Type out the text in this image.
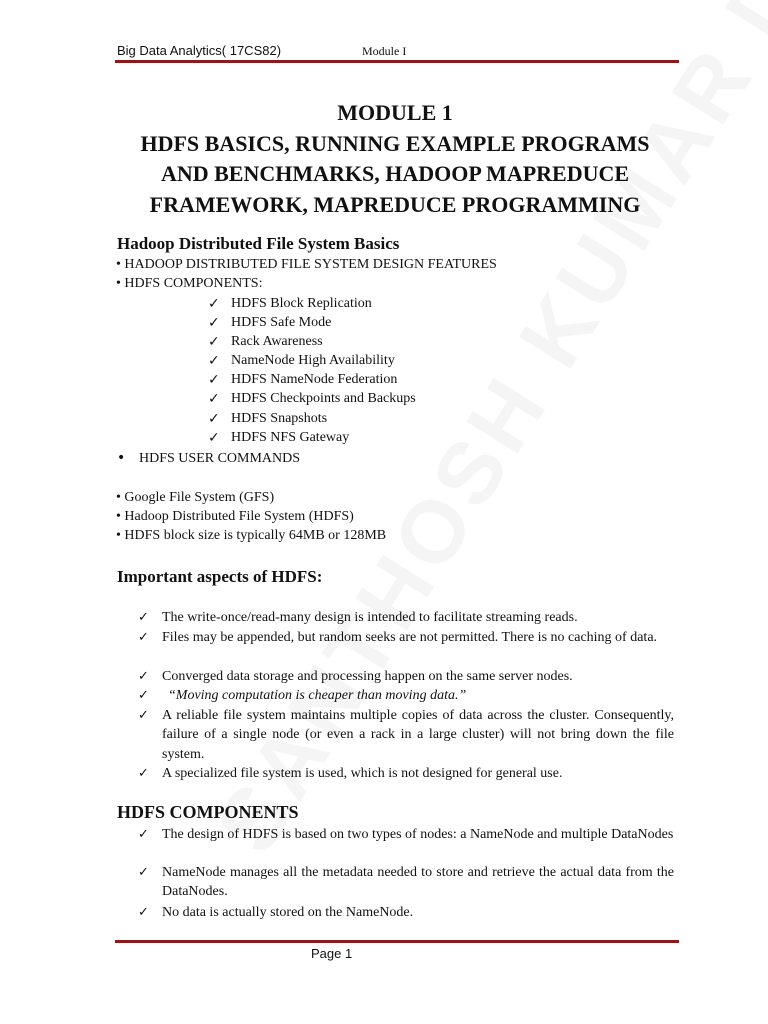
Big Data Analytics( 17CS82)	Module I
MODULE 1
HDFS BASICS, RUNNING EXAMPLE PROGRAMS
AND BENCHMARKS, HADOOP MAPREDUCE
FRAMEWORK, MAPREDUCE PROGRAMMING
Hadoop Distributed File System Basics
• HADOOP DISTRIBUTED FILE SYSTEM DESIGN FEATURES
• HDFS COMPONENTS:
✓ HDFS Block Replication
✓ HDFS Safe Mode
✓ Rack Awareness
✓ NameNode High Availability
✓ HDFS NameNode Federation
✓ HDFS Checkpoints and Backups
✓ HDFS Snapshots
✓ HDFS NFS Gateway
• HDFS USER COMMANDS
• Google File System (GFS)
• Hadoop Distributed File System (HDFS)
• HDFS block size is typically 64MB or 128MB
Important aspects of HDFS:
✓ The write-once/read-many design is intended to facilitate streaming reads.
✓ Files may be appended, but random seeks are not permitted. There is no caching of data.
✓ Converged data storage and processing happen on the same server nodes.
✓ “Moving computation is cheaper than moving data.”
✓ A reliable file system maintains multiple copies of data across the cluster. Consequently, failure of a single node (or even a rack in a large cluster) will not bring down the file system.
✓ A specialized file system is used, which is not designed for general use.
HDFS COMPONENTS
✓ The design of HDFS is based on two types of nodes: a NameNode and multiple DataNodes
✓ NameNode manages all the metadata needed to store and retrieve the actual data from the DataNodes.
✓ No data is actually stored on the NameNode.
Page 1
